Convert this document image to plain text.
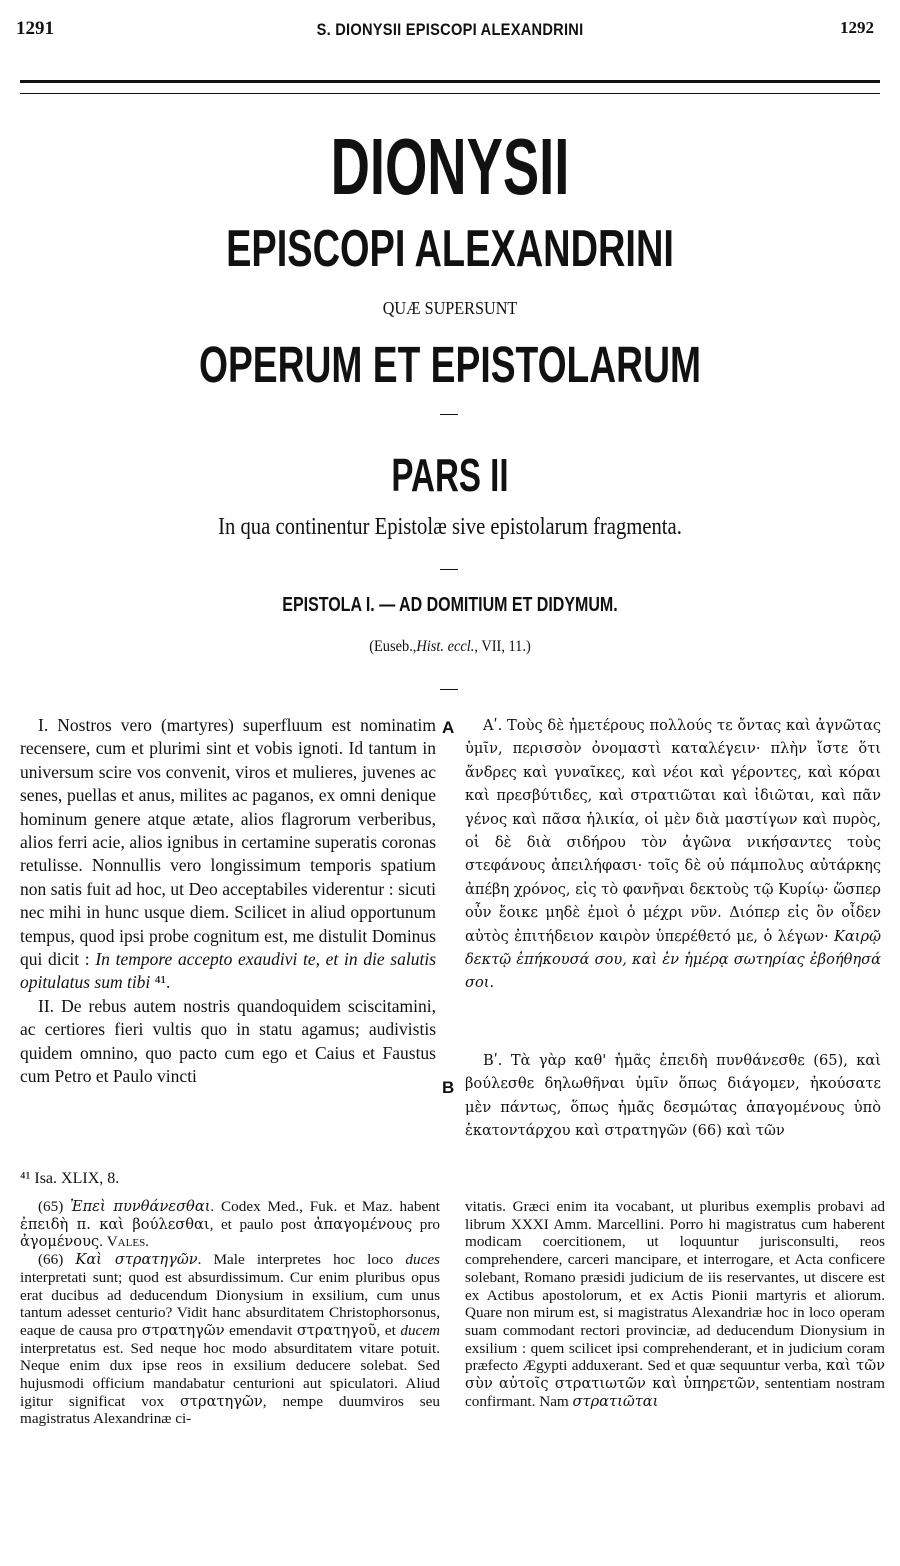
1291	S. DIONYSII EPISCOPI ALEXANDRINI	1292
DIONYSII
EPISCOPI ALEXANDRINI
QUÆ SUPERSUNT
OPERUM ET EPISTOLARUM
PARS II
In qua continentur Epistolæ sive epistolarum fragmenta.
EPISTOLA I. — AD DOMITIUM ET DIDYMUM.
(Euseb.,Hist. eccl., VII, 11.)
A
B

I. Nostros vero (martyres) superfluum est nominatim recensere, cum et plurimi sint et vobis ignoti. Id tantum in universum scire vos convenit, viros et mulieres, juvenes ac senes, puellas et anus, milites ac paganos, ex omni denique hominum genere atque ætate, alios flagrorum verberibus, alios ferri acie, alios ignibus in certamine superatis coronas retulisse. Nonnullis vero longissimum temporis spatium non satis fuit ad hoc, ut Deo acceptabiles viderentur : sicuti nec mihi in hunc usque diem. Scilicet in aliud opportunum tempus, quod ipsi probe cognitum est, me distulit Dominus qui dicit : In tempore accepto exaudivi te, et in die salutis opitulatus sum tibi ⁴¹.

II. De rebus autem nostris quandoquidem sciscitamini, ac certiores fieri vultis quo in statu agamus; audivistis quidem omnino, quo pacto cum ego et Caius et Faustus cum Petro et Paulo vincti

Αʹ. Τοὺς δὲ ἡμετέρους πολλούς τε ὄντας καὶ ἀγνῶτας ὑμῖν, περισσὸν ὀνομαστὶ καταλέγειν· πλὴν ἴστε ὅτι ἄνδρες καὶ γυναῖκες, καὶ νέοι καὶ γέροντες, καὶ κόραι καὶ πρεσβύτιδες, καὶ στρατιῶται καὶ ἰδιῶται, καὶ πᾶν γένος καὶ πᾶσα ἡλικία, οἱ μὲν διὰ μαστίγων καὶ πυρὸς, οἱ δὲ διὰ σιδήρου τὸν ἀγῶνα νικήσαντες τοὺς στεφάνους ἀπειλήφασι· τοῖς δὲ οὐ πάμπολυς αὐτάρκης ἀπέβη χρόνος, εἰς τὸ φανῆναι δεκτοὺς τῷ Κυρίῳ· ὥσπερ οὖν ἔοικε μηδὲ ἐμοὶ ὁ μέχρι νῦν. Διόπερ εἰς ὃν οἶδεν αὐτὸς ἐπιτήδειον καιρὸν ὑπερέθετό με, ὁ λέγων· Καιρῷ δεκτῷ ἐπήκουσά σου, καὶ ἐν ἡμέρᾳ σωτηρίας ἐβοήθησά σοι.

Βʹ. Τὰ γὰρ καθ' ἡμᾶς ἐπειδὴ πυνθάνεσθε (65), καὶ βούλεσθε δηλωθῆναι ὑμῖν ὅπως διάγομεν, ἠκούσατε μὲν πάντως, ὅπως ἡμᾶς δεσμώτας ἀπαγομένους ὑπὸ ἑκατοντάρχου καὶ στρατηγῶν (66) καὶ τῶν

⁴¹ Isa. XLIX, 8.

(65) Ἐπεὶ πυνθάνεσθαι. Codex Med., Fuk. et Maz. habent ἐπειδὴ π. καὶ βούλεσθαι, et paulo post ἀπαγομένους pro ἀγομένους. Vales.

(66) Καὶ στρατηγῶν. Male interpretes hoc loco duces interpretati sunt; quod est absurdissimum. Cur enim pluribus opus erat ducibus ad deducendum Dionysium in exsilium, cum unus tantum adesset centurio? Vidit hanc absurditatem Christophorsonus, eaque de causa pro στρατηγῶν emendavit στρατηγοῦ, et ducem interpretatus est. Sed neque hoc modo absurditatem vitare potuit. Neque enim dux ipse reos in exsilium deducere solebat. Sed hujusmodi officium mandabatur centurioni aut spiculatori. Aliud igitur significat vox στρατηγῶν, nempe duumviros seu magistratus Alexandrinæ ci-

vitatis. Græci enim ita vocabant, ut pluribus exemplis probavi ad librum XXXI Amm. Marcellini. Porro hi magistratus cum haberent modicam coercitionem, ut loquuntur jurisconsulti, reos comprehendere, carceri mancipare, et interrogare, et Acta conficere solebant, Romano præsidi judicium de iis reservantes, ut discere est ex Actibus apostolorum, et ex Actis Pionii martyris et aliorum. Quare non mirum est, si magistratus Alexandriæ hoc in loco operam suam commodant rectori provinciæ, ad deducendum Dionysium in exsilium : quem scilicet ipsi comprehenderant, et in judicium coram præfecto Ægypti adduxerant. Sed et quæ sequuntur verba, καὶ τῶν σὺν αὐτοῖς στρατιωτῶν καὶ ὑπηρετῶν, sententiam nostram confirmant. Nam στρατιῶται
